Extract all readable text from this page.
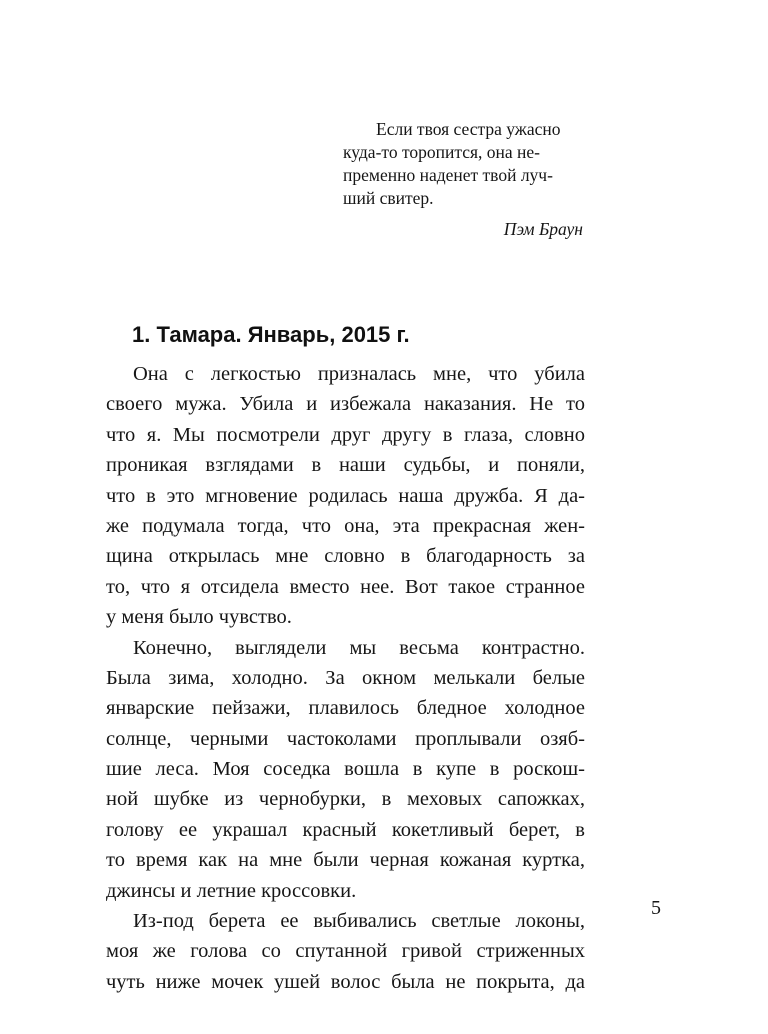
Если твоя сестра ужасно
куда-то торопится, она не-
пременно наденет твой луч-
ший свитер.
Пэм Браун
1. Тамара. Январь, 2015 г.
Она с легкостью призналась мне, что убила
своего мужа. Убила и избежала наказания. Не то
что я. Мы посмотрели друг другу в глаза, словно
проникая взглядами в наши судьбы, и поняли,
что в это мгновение родилась наша дружба. Я да-
же подумала тогда, что она, эта прекрасная жен-
щина открылась мне словно в благодарность за
то, что я отсидела вместо нее. Вот такое странное
у меня было чувство.
Конечно, выглядели мы весьма контрастно.
Была зима, холодно. За окном мелькали белые
январские пейзажи, плавилось бледное холодное
солнце, черными частоколами проплывали озяб-
шие леса. Моя соседка вошла в купе в роскош-
ной шубке из чернобурки, в меховых сапожках,
голову ее украшал красный кокетливый берет, в
то время как на мне были черная кожаная куртка,
джинсы и летние кроссовки.
Из-под берета ее выбивались светлые локоны,
моя же голова со спутанной гривой стриженных
чуть ниже мочек ушей волос была не покрыта, да
5
